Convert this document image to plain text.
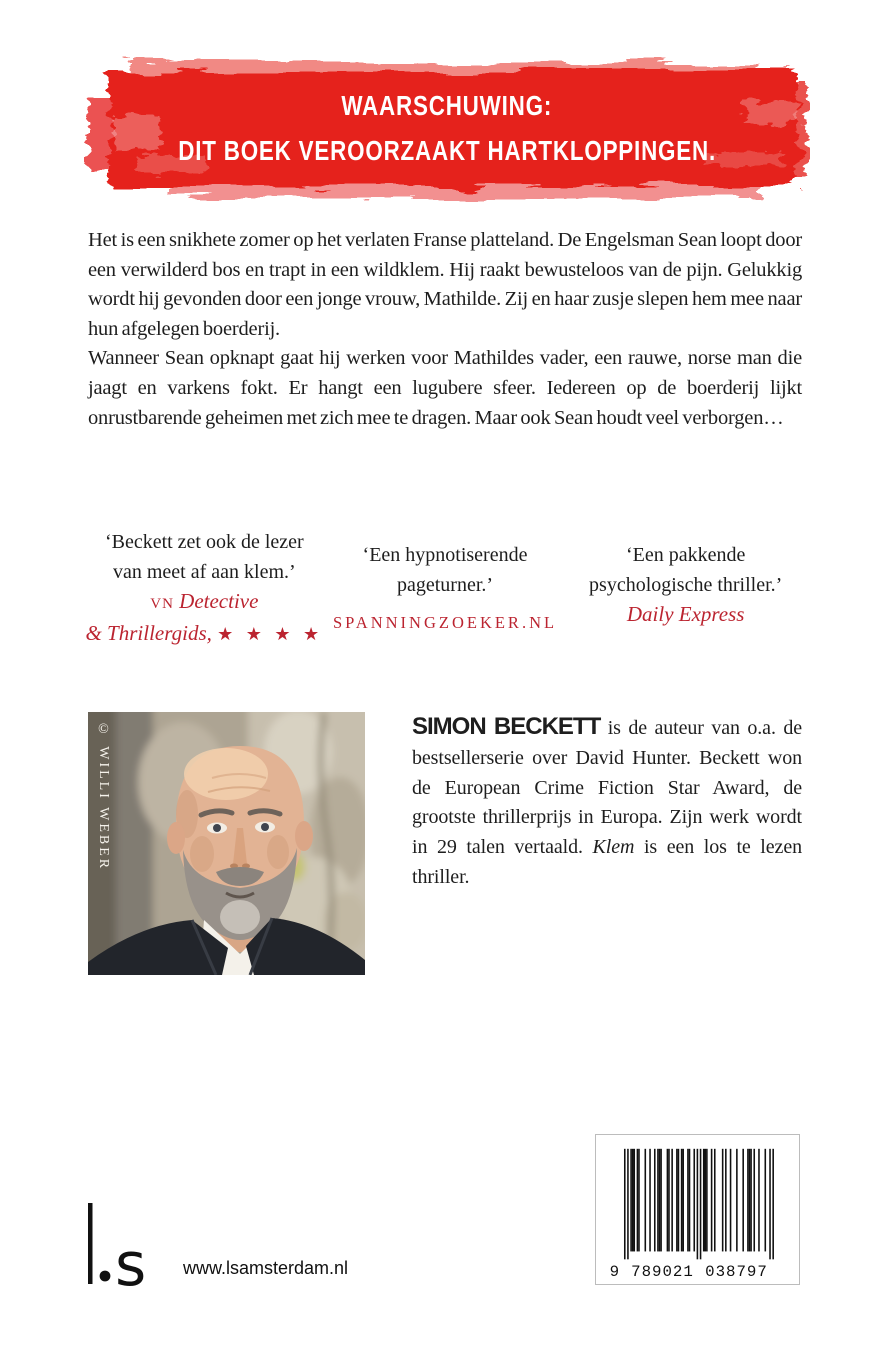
WAARSCHUWING:
DIT BOEK VEROORZAAKT HARTKLOPPINGEN.

Het is een snikhete zomer op het verlaten Franse platteland. De Engelsman Sean loopt door een verwilderd bos en trapt in een wildklem. Hij raakt bewusteloos van de pijn. Gelukkig wordt hij gevonden door een jonge vrouw, Mathilde. Zij en haar zusje slepen hem mee naar hun afgelegen boerderij.

Wanneer Sean opknapt gaat hij werken voor Mathildes vader, een rauwe, norse man die jaagt en varkens fokt. Er hangt een lugubere sfeer. Iedereen op de boerderij lijkt onrustbarende geheimen met zich mee te dragen. Maar ook Sean houdt veel verborgen…

‘Beckett zet ook de lezer
van meet af aan klem.’
VN Detective
& Thrillergids, ★ ★ ★ ★
‘Een hypnotiserende
pageturner.’
SPANNINGZOEKER.NL
‘Een pakkende
psychologische thriller.’
Daily Express
© WILLI WEBER	SIMON BECKETT is de auteur van o.a. de bestsellerserie over David Hunter. Beckett won de European Crime Fiction Star Award, de grootste thrillerprijs in Europa. Zijn werk wordt in 29 talen vertaald. Klem is een los te lezen thriller.
s www.lsamsterdam.nl	9 789021 038797
